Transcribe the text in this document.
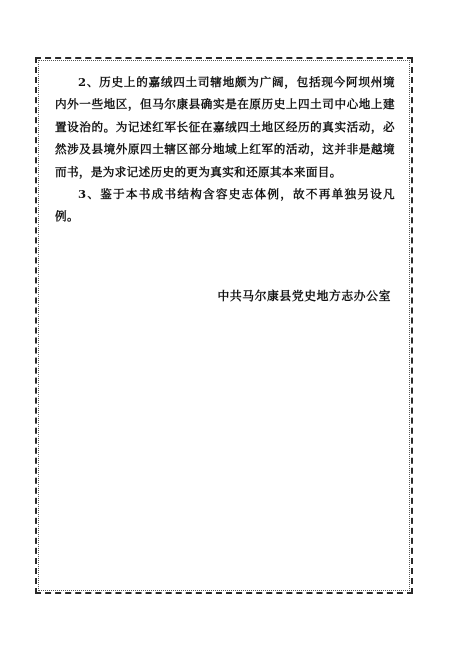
2、历史上的嘉绒四土司辖地颇为广阔，包括现今阿坝州境内外一些地区，但马尔康县确实是在原历史上四土司中心地上建置设治的。为记述红军长征在嘉绒四土地区经历的真实活动，必然涉及县境外原四土辖区部分地域上红军的活动，这并非是越境而书，是为求记述历史的更为真实和还原其本来面目。

3、鉴于本书成书结构含容史志体例，故不再单独另设凡例。

中共马尔康县党史地方志办公室
